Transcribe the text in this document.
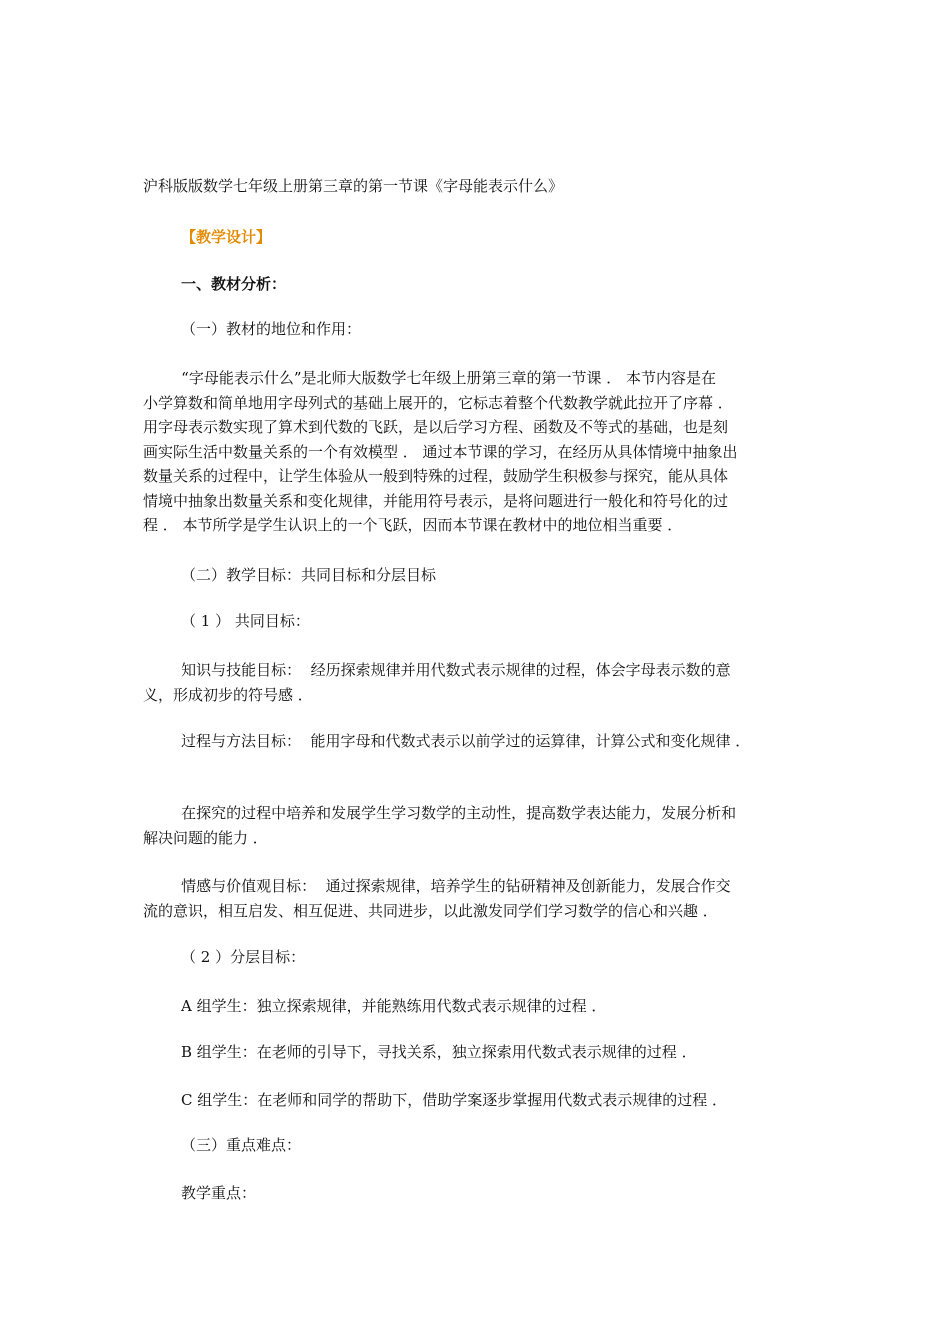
沪科版版数学七年级上册第三章的第一节课《字母能表示什么》
【教学设计】
一、教材分析：
（一）教材的地位和作用：
“字母能表示什么”是北师大版数学七年级上册第三章的第一节课 ． 本节内容是在
小学算数和简单地用字母列式的基础上展开的，它标志着整个代数教学就此拉开了序幕 ．
用字母表示数实现了算术到代数的飞跃，是以后学习方程、函数及不等式的基础，也是刻
画实际生活中数量关系的一个有效模型 ． 通过本节课的学习，在经历从具体情境中抽象出
数量关系的过程中，让学生体验从一般到特殊的过程，鼓励学生积极参与探究，能从具体
情境中抽象出数量关系和变化规律，并能用符号表示，是将问题进行一般化和符号化的过
程 ． 本节所学是学生认识上的一个飞跃，因而本节课在教材中的地位相当重要 ．
（二）教学目标：共同目标和分层目标
（ 1 ） 共同目标：
知识与技能目标：  经历探索规律并用代数式表示规律的过程，体会字母表示数的意
义，形成初步的符号感 ．
过程与方法目标：  能用字母和代数式表示以前学过的运算律，计算公式和变化规律 ．
在探究的过程中培养和发展学生学习数学的主动性，提高数学表达能力，发展分析和
解决问题的能力 ．
情感与价值观目标：  通过探索规律，培养学生的钻研精神及创新能力，发展合作交
流的意识，相互启发、相互促进、共同进步，以此激发同学们学习数学的信心和兴趣 ．
（ 2 ）分层目标：
A 组学生：独立探索规律，并能熟练用代数式表示规律的过程 ．
B 组学生：在老师的引导下，寻找关系，独立探索用代数式表示规律的过程 ．
C 组学生：在老师和同学的帮助下，借助学案逐步掌握用代数式表示规律的过程 ．
（三）重点难点：
教学重点：
